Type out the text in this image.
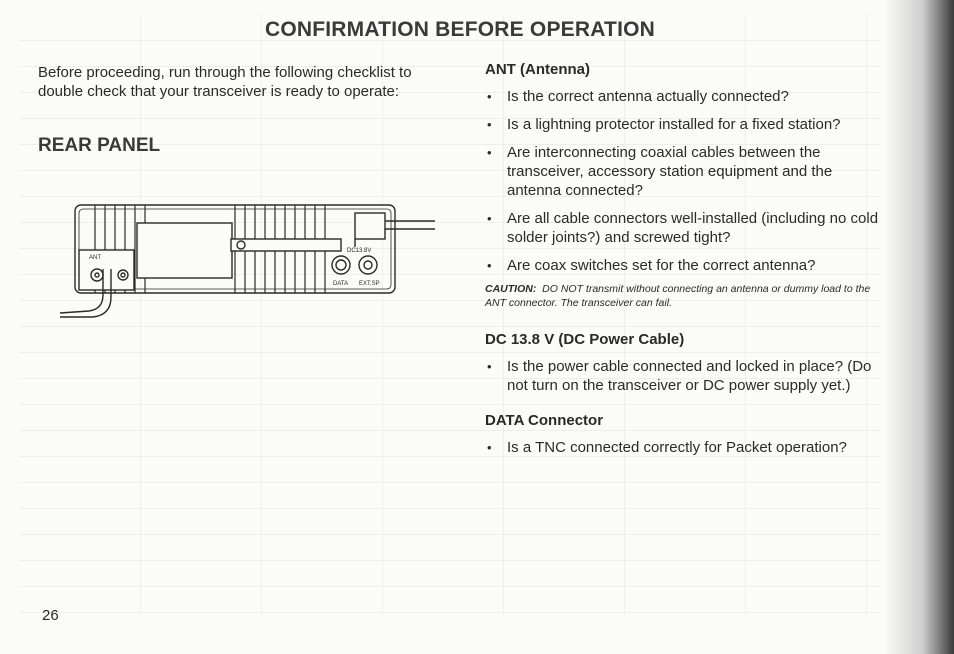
CONFIRMATION BEFORE OPERATION
Before proceeding, run through the following checklist to double check that your transceiver is ready to operate:
REAR PANEL
ANT
DC13.8V
DATA EXT.SP
ANT (Antenna)
• Is the correct antenna actually connected?
• Is a lightning protector installed for a fixed station?
• Are interconnecting coaxial cables between the transceiver, accessory station equipment and the antenna connected?
• Are all cable connectors well-installed (including no cold solder joints?) and screwed tight?
• Are coax switches set for the correct antenna?
CAUTION: DO NOT transmit without connecting an antenna or dummy load to the ANT connector. The transceiver can fail.
DC 13.8 V (DC Power Cable)
• Is the power cable connected and locked in place? (Do not turn on the transceiver or DC power supply yet.)
DATA Connector
• Is a TNC connected correctly for Packet operation?
26
